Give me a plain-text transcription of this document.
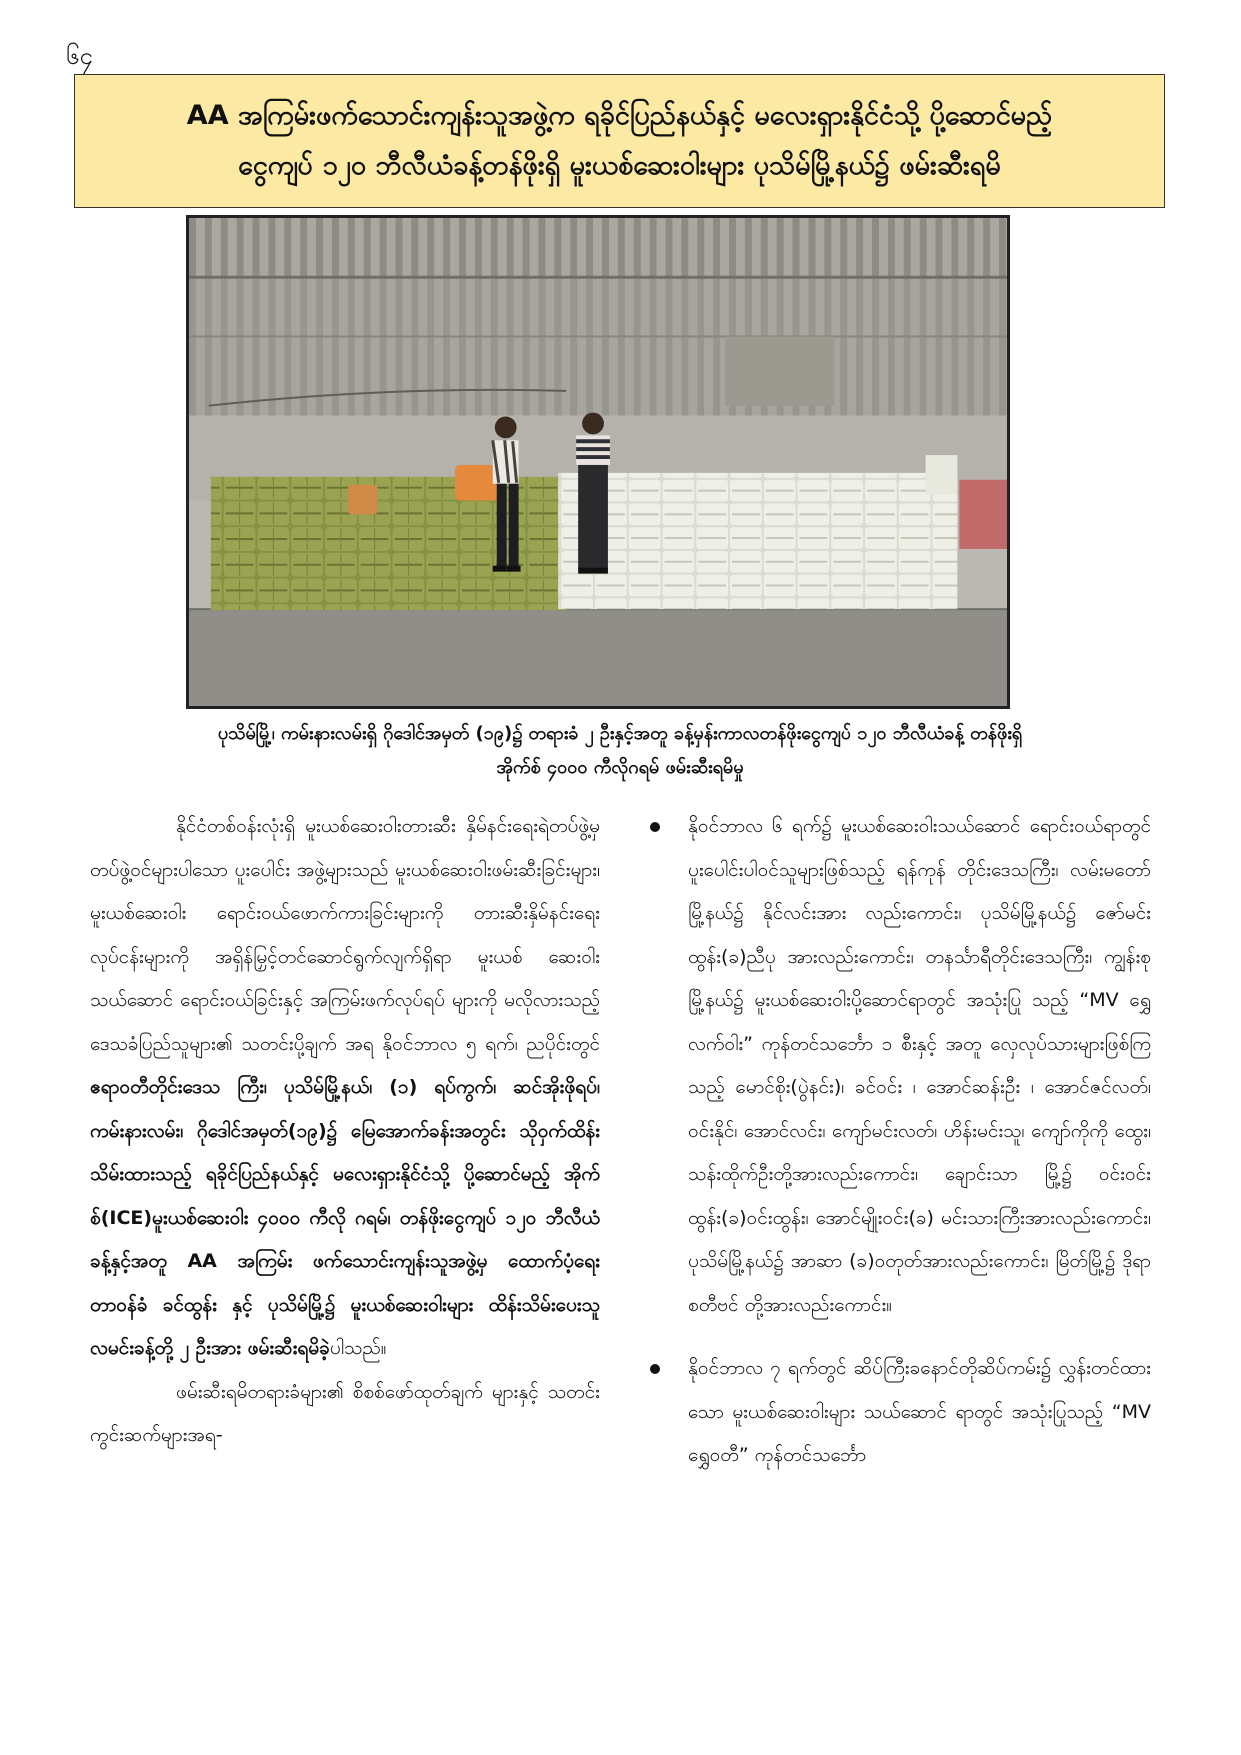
၆၄
AA အကြမ်းဖက်သောင်းကျန်းသူအဖွဲ့က ရခိုင်ပြည်နယ်နှင့် မလေးရှားနိုင်ငံသို့ ပို့ဆောင်မည့်
ငွေကျပ် ၁၂၀ ဘီလီယံခန့်တန်ဖိုးရှိ မူးယစ်ဆေးဝါးများ ပုသိမ်မြို့နယ်၌ ဖမ်းဆီးရမိ
ပုသိမ်မြို့၊ ကမ်းနားလမ်းရှိ ဂိုဒေါင်အမှတ် (၁၉)၌ တရားခံ ၂ ဦးနှင့်အတူ ခန့်မှန်းကာလတန်ဖိုးငွေကျပ် ၁၂၀ ဘီလီယံခန့် တန်ဖိုးရှိ
အိုက်စ် ၄၀၀၀ ကီလိုဂရမ် ဖမ်းဆီးရမိမှု

နိုင်ငံတစ်ဝန်းလုံးရှိ မူးယစ်ဆေးဝါးတားဆီး နှိမ်နင်းရေးရဲတပ်ဖွဲ့မှ တပ်ဖွဲ့ဝင်များပါသော ပူးပေါင်း အဖွဲ့များသည် မူးယစ်ဆေးဝါးဖမ်းဆီးခြင်းများ၊ မူးယစ်ဆေးဝါး ရောင်းဝယ်ဖောက်ကားခြင်းများကို တားဆီးနှိမ်နင်းရေး လုပ်ငန်းများကို အရှိန်မြှင့်တင်ဆောင်ရွက်လျက်ရှိရာ မူးယစ် ဆေးဝါးသယ်ဆောင် ရောင်းဝယ်ခြင်းနှင့် အကြမ်းဖက်လုပ်ရပ် များကို မလိုလားသည့် ဒေသခံပြည်သူများ၏ သတင်းပို့ချက် အရ နိုဝင်ဘာလ ၅ ရက်၊ ညပိုင်းတွင် ဧရာဝတီတိုင်းဒေသ ကြီး၊ ပုသိမ်မြို့နယ်၊ (၁) ရပ်ကွက်၊ ဆင်အိုးဖိုရပ်၊ ကမ်းနားလမ်း၊ ဂိုဒေါင်အမှတ်(၁၉)၌ မြေအောက်ခန်းအတွင်း သိုဝှက်ထိန်း သိမ်းထားသည့် ရခိုင်ပြည်နယ်နှင့် မလေးရှားနိုင်ငံသို့ ပို့ဆောင်မည့် အိုက်စ်(ICE)မူးယစ်ဆေးဝါး ၄၀၀၀ ကီလို ဂရမ်၊ တန်ဖိုးငွေကျပ် ၁၂၀ ဘီလီယံခန့်နှင့်အတူ AA အကြမ်း ဖက်သောင်းကျန်းသူအဖွဲ့မှ ထောက်ပံ့ရေးတာဝန်ခံ ခင်ထွန်း နှင့် ပုသိမ်မြို့၌ မူးယစ်ဆေးဝါးများ ထိန်းသိမ်းပေးသူ လမင်းခန့်တို့ ၂ ဦးအား ဖမ်းဆီးရမိခဲ့ပါသည်။

ဖမ်းဆီးရမိတရားခံများ၏ စိစစ်ဖော်ထုတ်ချက် များနှင့် သတင်းကွင်းဆက်များအရ-

နိုဝင်ဘာလ ၆ ရက်၌ မူးယစ်ဆေးဝါးသယ်ဆောင် ရောင်းဝယ်ရာတွင် ပူးပေါင်းပါဝင်သူများဖြစ်သည့် ရန်ကုန် တိုင်းဒေသကြီး၊ လမ်းမတော်မြို့နယ်၌ နိုင်လင်းအား လည်းကောင်း၊ ပုသိမ်မြို့နယ်၌ ဇော်မင်းထွန်း(ခ)ညီပု အားလည်းကောင်း၊ တနင်္သာရီတိုင်းဒေသကြီး၊ ကျွန်းစု မြို့နယ်၌ မူးယစ်ဆေးဝါးပို့ဆောင်ရာတွင် အသုံးပြု သည့် “MV ရွှေလက်ဝါး” ကုန်တင်သင်္ဘော ၁ စီးနှင့် အတူ လှေလုပ်သားများဖြစ်ကြသည့် မောင်စိုး(ပွဲနင်း)၊ ခင်ဝင်း ၊ အောင်ဆန်းဦး ၊ အောင်ဇင်လတ်၊ ဝင်းနိုင်၊ အောင်လင်း၊ ကျော်မင်းလတ်၊ ဟိန်းမင်းသူ၊ ကျော်ကိုကို ထွေး၊ သန်းထိုက်ဦးတို့အားလည်းကောင်း၊ ချောင်းသာ မြို့၌ ဝင်းဝင်းထွန်း(ခ)ဝင်းထွန်း၊ အောင်မျိုးဝင်း(ခ) မင်းသားကြီးအားလည်းကောင်း၊ ပုသိမ်မြို့နယ်၌ အာဆာ (ခ)ဝတုတ်အားလည်းကောင်း၊ မြိတ်မြို့၌ ဒိုရာစတီဗင် တို့အားလည်းကောင်း။
နိုဝင်ဘာလ ၇ ရက်တွင် ဆိပ်ကြီးခနောင်တိုဆိပ်ကမ်း၌ လွှန်းတင်ထားသော မူးယစ်ဆေးဝါးများ သယ်ဆောင် ရာတွင် အသုံးပြုသည့် “MV ရွှေဝတီ” ကုန်တင်သင်္ဘော
